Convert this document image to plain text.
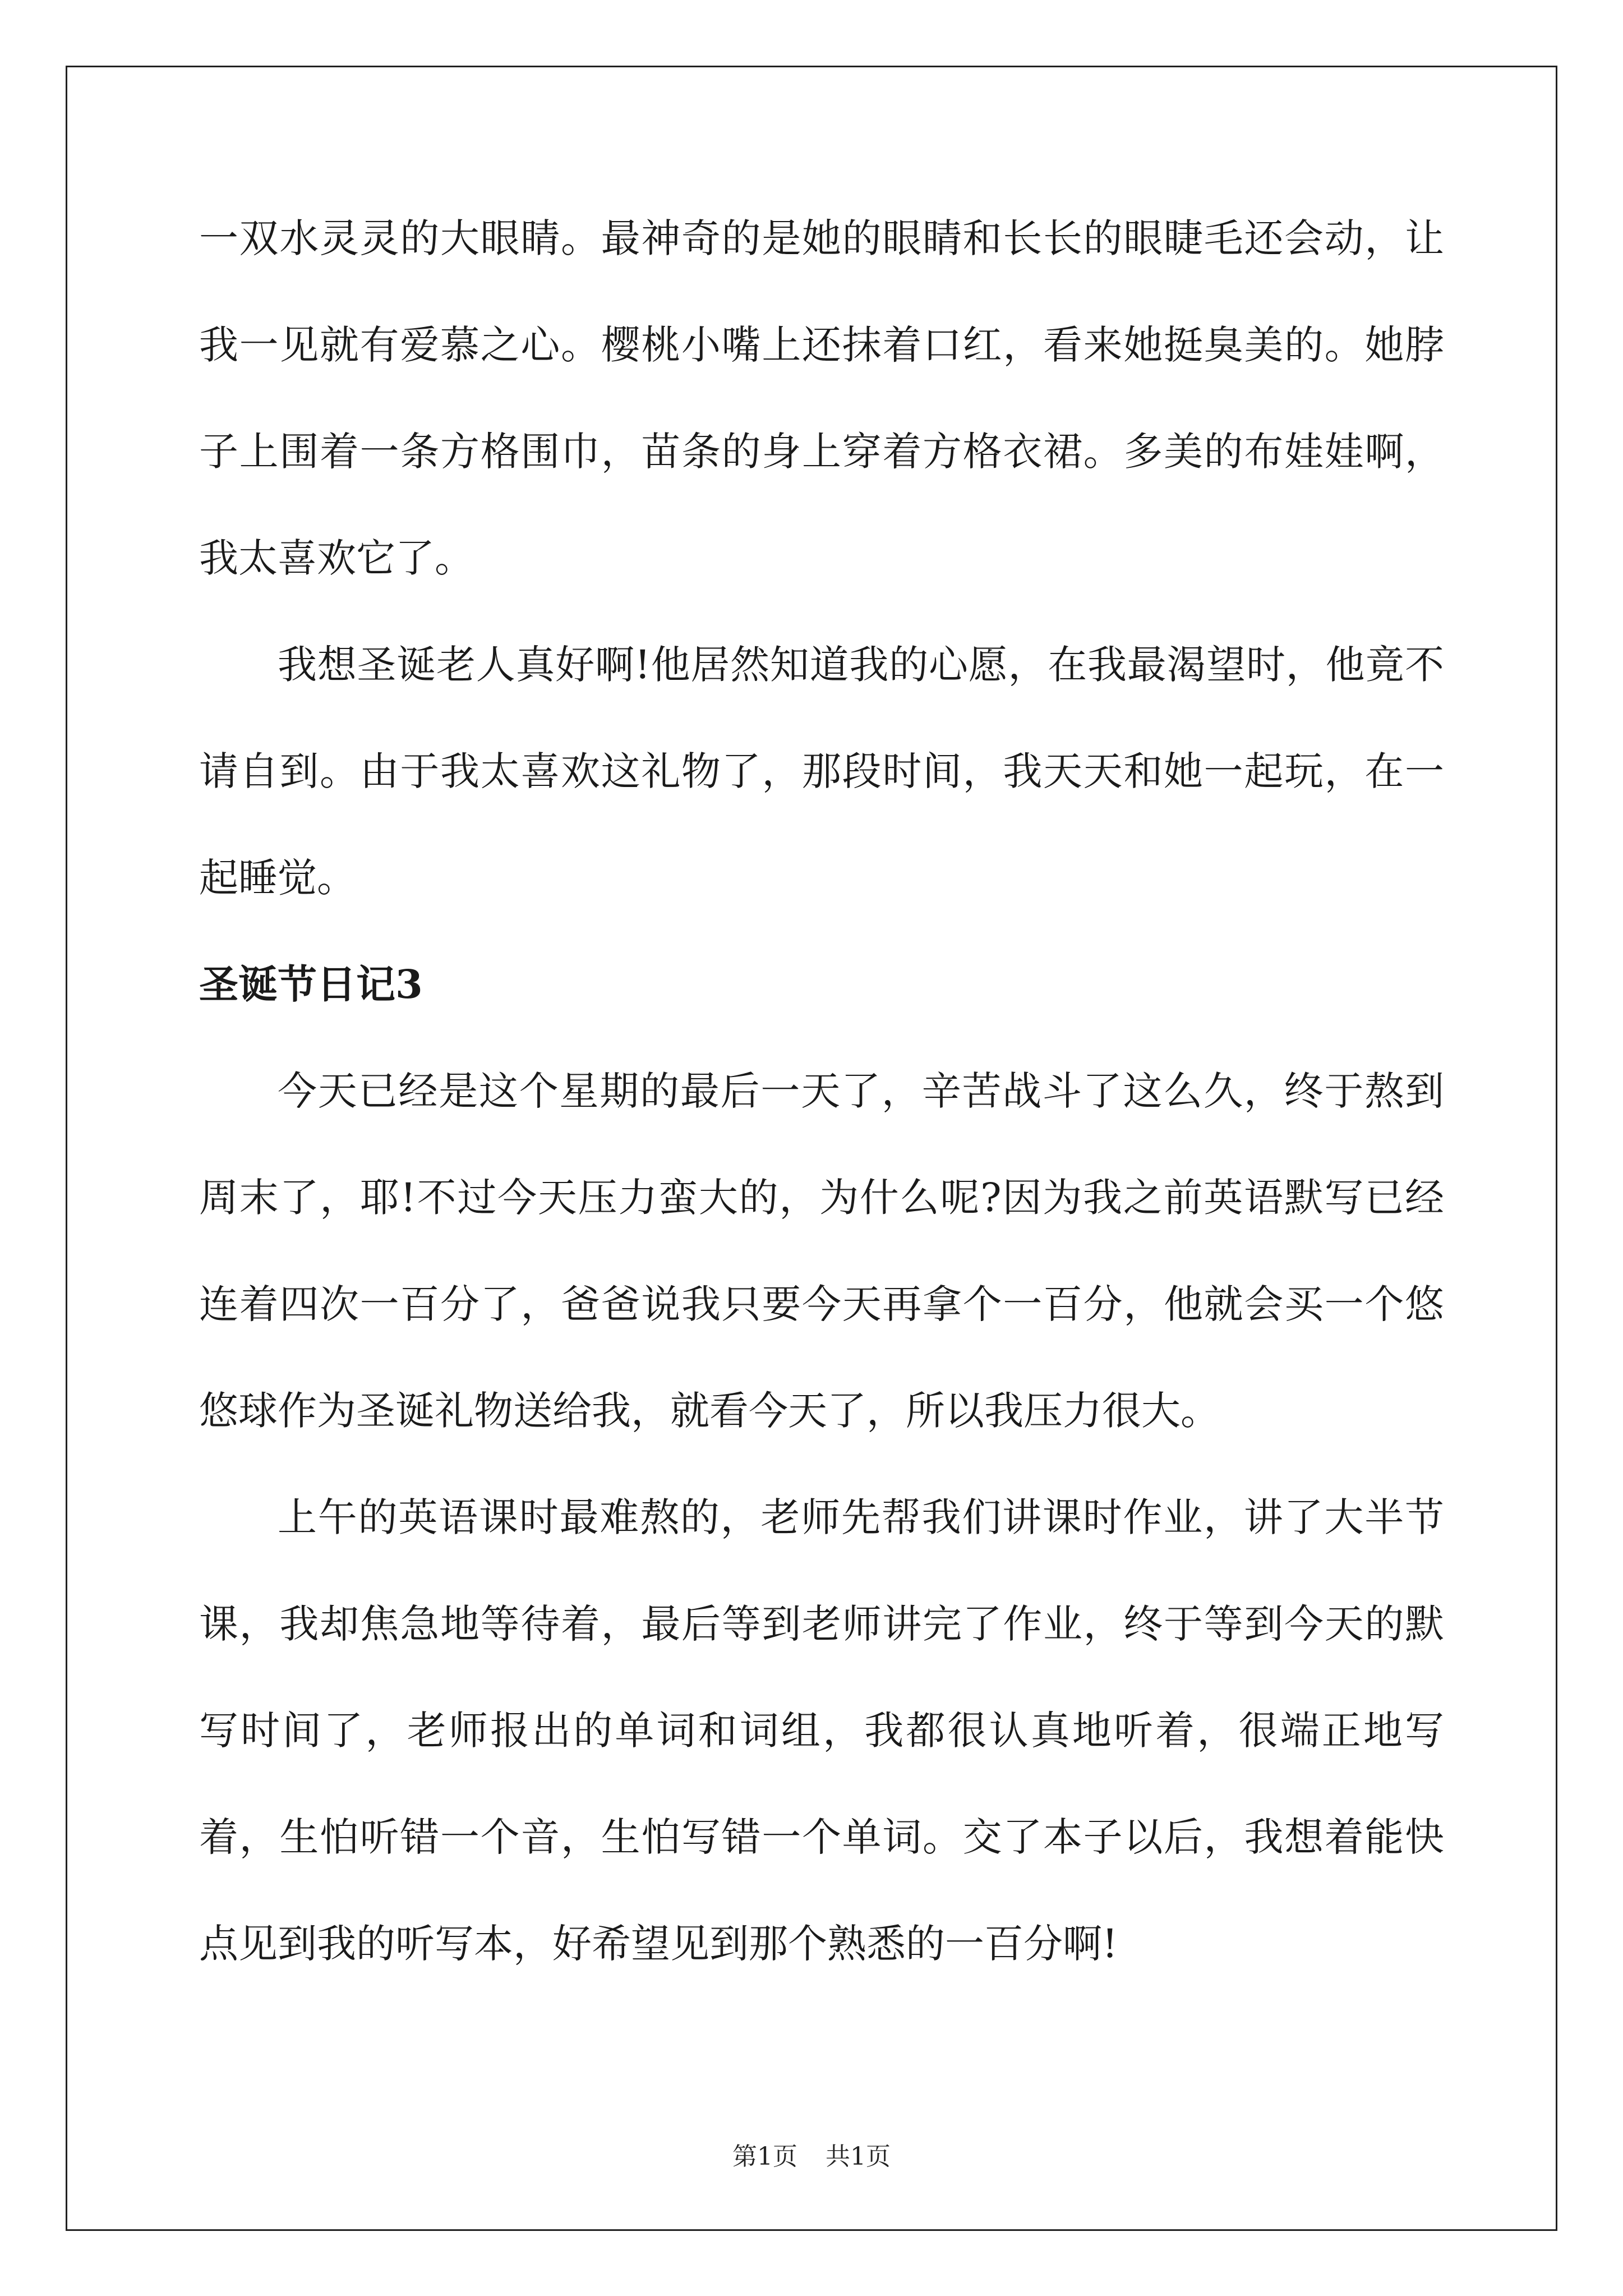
一双水灵灵的大眼睛。最神奇的是她的眼睛和长长的眼睫毛还会动，让我一见就有爱慕之心。樱桃小嘴上还抹着口红，看来她挺臭美的。她脖子上围着一条方格围巾，苗条的身上穿着方格衣裙。多美的布娃娃啊，我太喜欢它了。

我想圣诞老人真好啊!他居然知道我的心愿，在我最渴望时，他竟不请自到。由于我太喜欢这礼物了，那段时间，我天天和她一起玩，在一起睡觉。

圣诞节日记3

今天已经是这个星期的最后一天了，辛苦战斗了这么久，终于熬到周末了，耶!不过今天压力蛮大的，为什么呢?因为我之前英语默写已经连着四次一百分了，爸爸说我只要今天再拿个一百分，他就会买一个悠悠球作为圣诞礼物送给我，就看今天了，所以我压力很大。

上午的英语课时最难熬的，老师先帮我们讲课时作业，讲了大半节课，我却焦急地等待着，最后等到老师讲完了作业，终于等到今天的默写时间了，老师报出的单词和词组，我都很认真地听着，很端正地写着，生怕听错一个音，生怕写错一个单词。交了本子以后，我想着能快点见到我的听写本，好希望见到那个熟悉的一百分啊!

第1页 共1页
